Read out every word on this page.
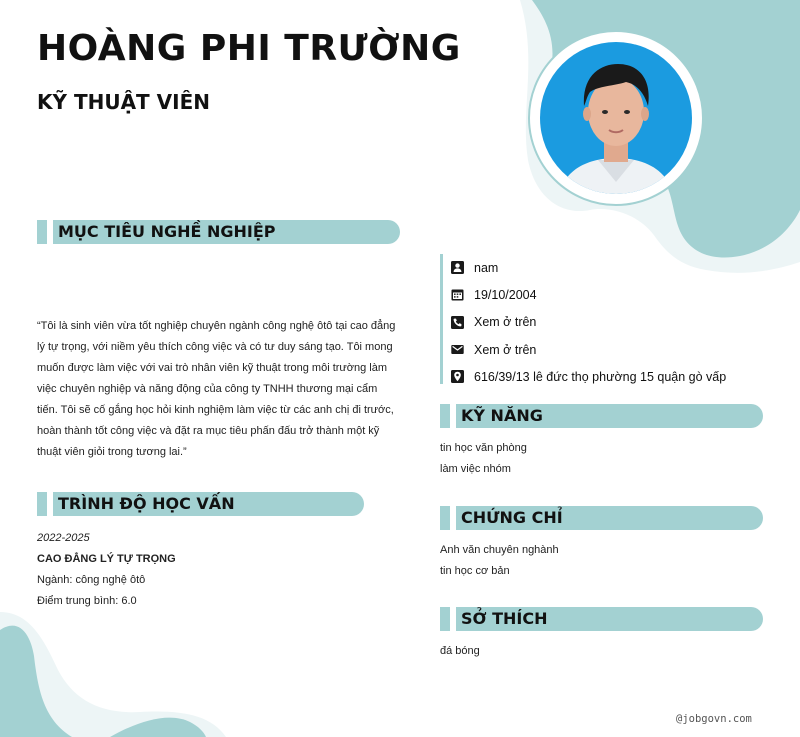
HOÀNG PHI TRƯỜNG
KỸ THUẬT VIÊN
MỤC TIÊU NGHỀ NGHIỆP

“Tôi là sinh viên vừa tốt nghiệp chuyên ngành công nghệ ôtô tại cao đẳng lý tự trọng, với niềm yêu thích công việc và có tư duy sáng tạo. Tôi mong muốn được làm việc với vai trò nhân viên kỹ thuật trong môi trường làm việc chuyên nghiệp và năng động của công ty TNHH thương mại cẩm tiến. Tôi sẽ cố gắng học hỏi kinh nghiệm làm việc từ các anh chị đi trước, hoàn thành tốt công việc và đặt ra mục tiêu phấn đấu trở thành một kỹ thuật viên giỏi trong tương lai.”

TRÌNH ĐỘ HỌC VẤN
2022-2025
CAO ĐẲNG LÝ TỰ TRỌNG
Ngành: công nghệ ôtô
Điểm trung bình: 6.0
nam
19/10/2004
Xem ở trên
Xem ở trên
616/39/13 lê đức thọ phường 15 quận gò vấp
KỸ NĂNG
tin học văn phòng
làm việc nhóm
CHỨNG CHỈ
Anh văn chuyên nghành
tin học cơ bản
SỞ THÍCH
đá bóng
@jobgovn.com
